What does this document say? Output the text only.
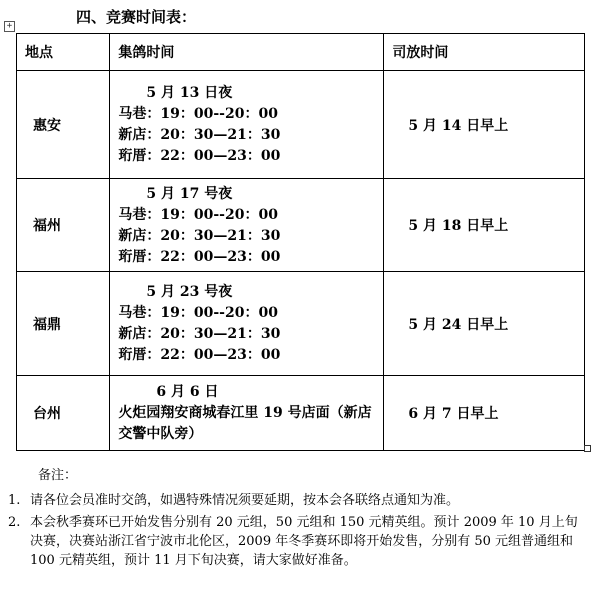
四、竞赛时间表：
+
地点	集鸽时间	司放时间
惠安	5 月 13 日夜
马巷：19：00--20：00
新店：20：30—21：30
珩厝：22：00—23：00	5 月 14 日早上
福州	5 月 17 号夜
马巷：19：00--20：00
新店：20：30—21：30
珩厝：22：00—23：00	5 月 18 日早上
福鼎	5 月 23 号夜
马巷：19：00--20：00
新店：20：30—21：30
珩厝：22：00—23：00	5 月 24 日早上
台州	6 月 6 日
火炬园翔安商城春江里 19 号店面（新店交警中队旁）	6 月 7 日早上
备注：
1. 请各位会员准时交鸽，如遇特殊情况须要延期，按本会各联络点通知为准。
2. 本会秋季赛环已开始发售分别有 20 元组，50 元组和 150 元精英组。预计 2009 年 10 月上旬决赛，决赛站浙江省宁波市北伦区，2009 年冬季赛环即将开始发售，分别有 50 元组普通组和 100 元精英组，预计 11 月下旬决赛，请大家做好准备。
